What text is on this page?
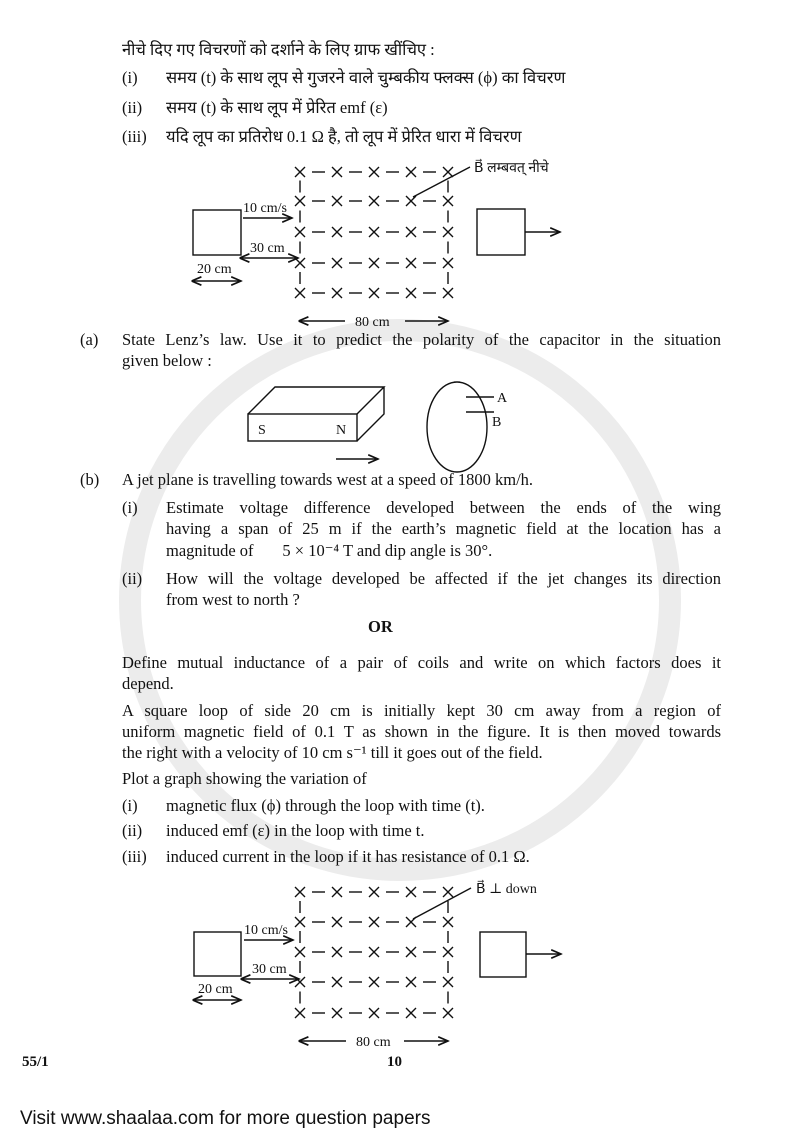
नीचे दिए गए विचरणों को दर्शाने के लिए ग्राफ खींचिए :
(i) समय (t) के साथ लूप से गुजरने वाले चुम्बकीय फ्लक्स (ϕ) का विचरण
(ii) समय (t) के साथ लूप में प्रेरित emf (ε)
(iii) यदि लूप का प्रतिरोध 0.1 Ω है, तो लूप में प्रेरित धारा में विचरण
(a) State Lenz’s law. Use it to predict the polarity of the capacitor in the situation
given below :
(b) A jet plane is travelling towards west at a speed of 1800 km/h.
(i) Estimate voltage difference developed between the ends of the wing
having a span of 25 m if the earth’s magnetic field at the location has a
magnitude of       5 × 10⁻⁴ T and dip angle is 30°.
(ii) How will the voltage developed be affected if the jet changes its direction
from west to north ?
OR
Define mutual inductance of a pair of coils and write on which factors does it
depend.
A square loop of side 20 cm is initially kept 30 cm away from a region of
uniform magnetic field of 0.1 T as shown in the figure. It is then moved towards
the right with a velocity of 10 cm s⁻¹ till it goes out of the field.
Plot a graph showing the variation of
(i) magnetic flux (ϕ) through the loop with time (t).
(ii) induced emf (ε) in the loop with time t.
(iii) induced current in the loop if it has resistance of 0.1 Ω.
55/1	10
Visit www.shaalaa.com for more question papers
B⃗ लम्बवत् नीचे
10 cm/s
30 cm
20 cm
80 cm
S	N
A
B
B⃗ ⊥ down
10 cm/s
30 cm
20 cm
80 cm
